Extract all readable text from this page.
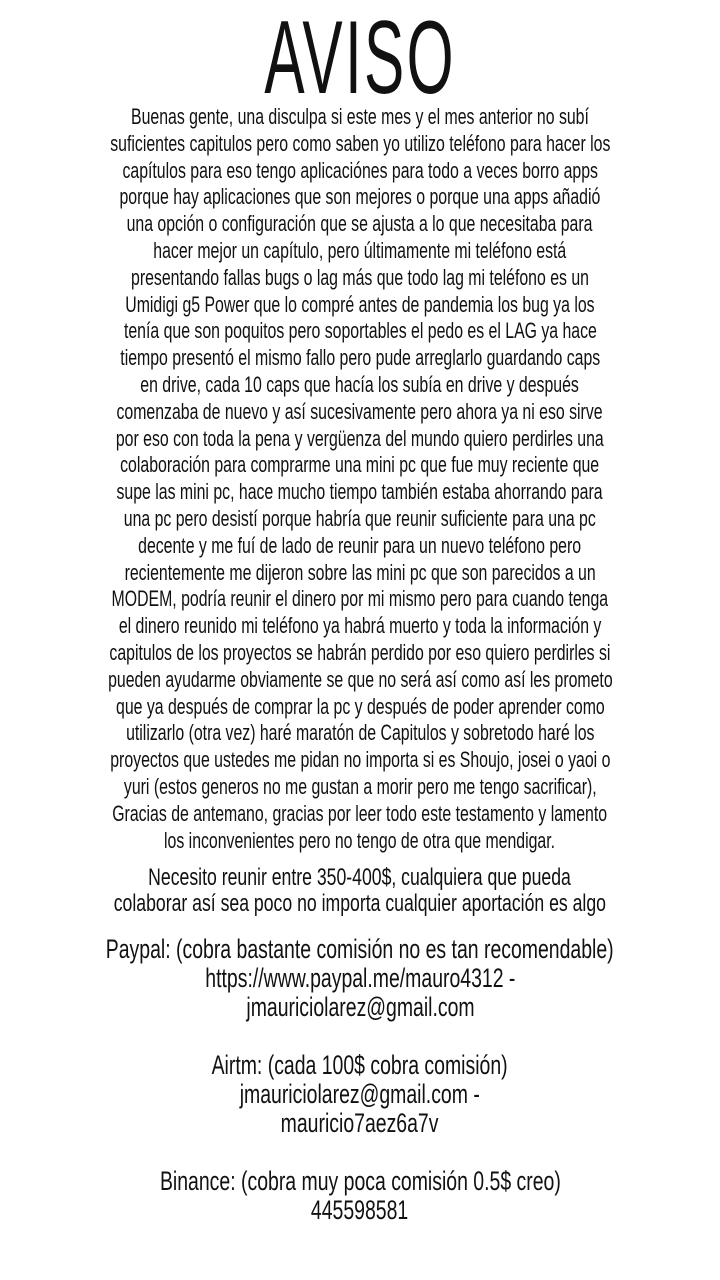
AVISO
Buenas gente, una disculpa si este mes y el mes anterior no subí
suficientes capitulos pero como saben yo utilizo teléfono para hacer los
capítulos para eso tengo aplicaciónes para todo a veces borro apps
porque hay aplicaciones que son mejores o porque una apps añadió
una opción o configuración que se ajusta a lo que necesitaba para
hacer mejor un capítulo, pero últimamente mi teléfono está
presentando fallas bugs o lag más que todo lag mi teléfono es un
Umidigi g5 Power que lo compré antes de pandemia los bug ya los
tenía que son poquitos pero soportables el pedo es el LAG ya hace
tiempo presentó el mismo fallo pero pude arreglarlo guardando caps
en drive, cada 10 caps que hacía los subía en drive y después
comenzaba de nuevo y así sucesivamente pero ahora ya ni eso sirve
por eso con toda la pena y vergüenza del mundo quiero perdirles una
colaboración para comprarme una mini pc que fue muy reciente que
supe las mini pc, hace mucho tiempo también estaba ahorrando para
una pc pero desistí porque habría que reunir suficiente para una pc
decente y me fuí de lado de reunir para un nuevo teléfono pero
recientemente me dijeron sobre las mini pc que son parecidos a un
MODEM, podría reunir el dinero por mi mismo pero para cuando tenga
el dinero reunido mi teléfono ya habrá muerto y toda la información y
capitulos de los proyectos se habrán perdido por eso quiero perdirles si
pueden ayudarme obviamente se que no será así como así les prometo
que ya después de comprar la pc y después de poder aprender como
utilizarlo (otra vez) haré maratón de Capitulos y sobretodo haré los
proyectos que ustedes me pidan no importa si es Shoujo, josei o yaoi o
yuri (estos generos no me gustan a morir pero me tengo sacrificar),
Gracias de antemano, gracias por leer todo este testamento y lamento
los inconvenientes pero no tengo de otra que mendigar.
Necesito reunir entre 350-400$, cualquiera que pueda
colaborar así sea poco no importa cualquier aportación es algo
Paypal: (cobra bastante comisión no es tan recomendable)
https://www.paypal.me/mauro4312 -
jmauriciolarez@gmail.com
Airtm: (cada 100$ cobra comisión)
jmauriciolarez@gmail.com -
mauricio7aez6a7v
Binance: (cobra muy poca comisión 0.5$ creo)
445598581
